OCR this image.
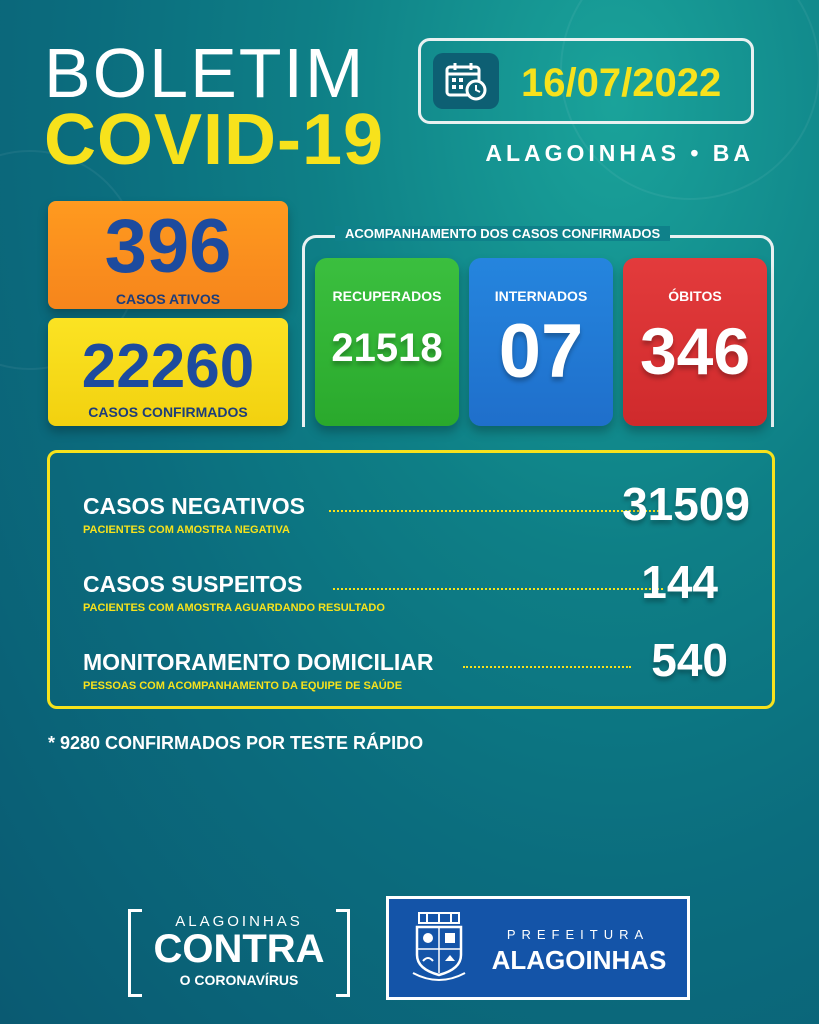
BOLETIM
COVID-19
16/07/2022
ALAGOINHAS • BA
396
CASOS ATIVOS
22260
CASOS CONFIRMADOS
ACOMPANHAMENTO DOS CASOS CONFIRMADOS
RECUPERADOS
21518
INTERNADOS
07
ÓBITOS
346
CASOS NEGATIVOS	31509
PACIENTES COM AMOSTRA NEGATIVA
CASOS SUSPEITOS	144
PACIENTES COM AMOSTRA AGUARDANDO RESULTADO
MONITORAMENTO DOMICILIAR	540
PESSOAS COM ACOMPANHAMENTO DA EQUIPE DE SAÚDE
* 9280 CONFIRMADOS POR TESTE RÁPIDO
ALAGOINHAS
CONTRA
O CORONAVÍRUS
PREFEITURA
ALAGOINHAS
